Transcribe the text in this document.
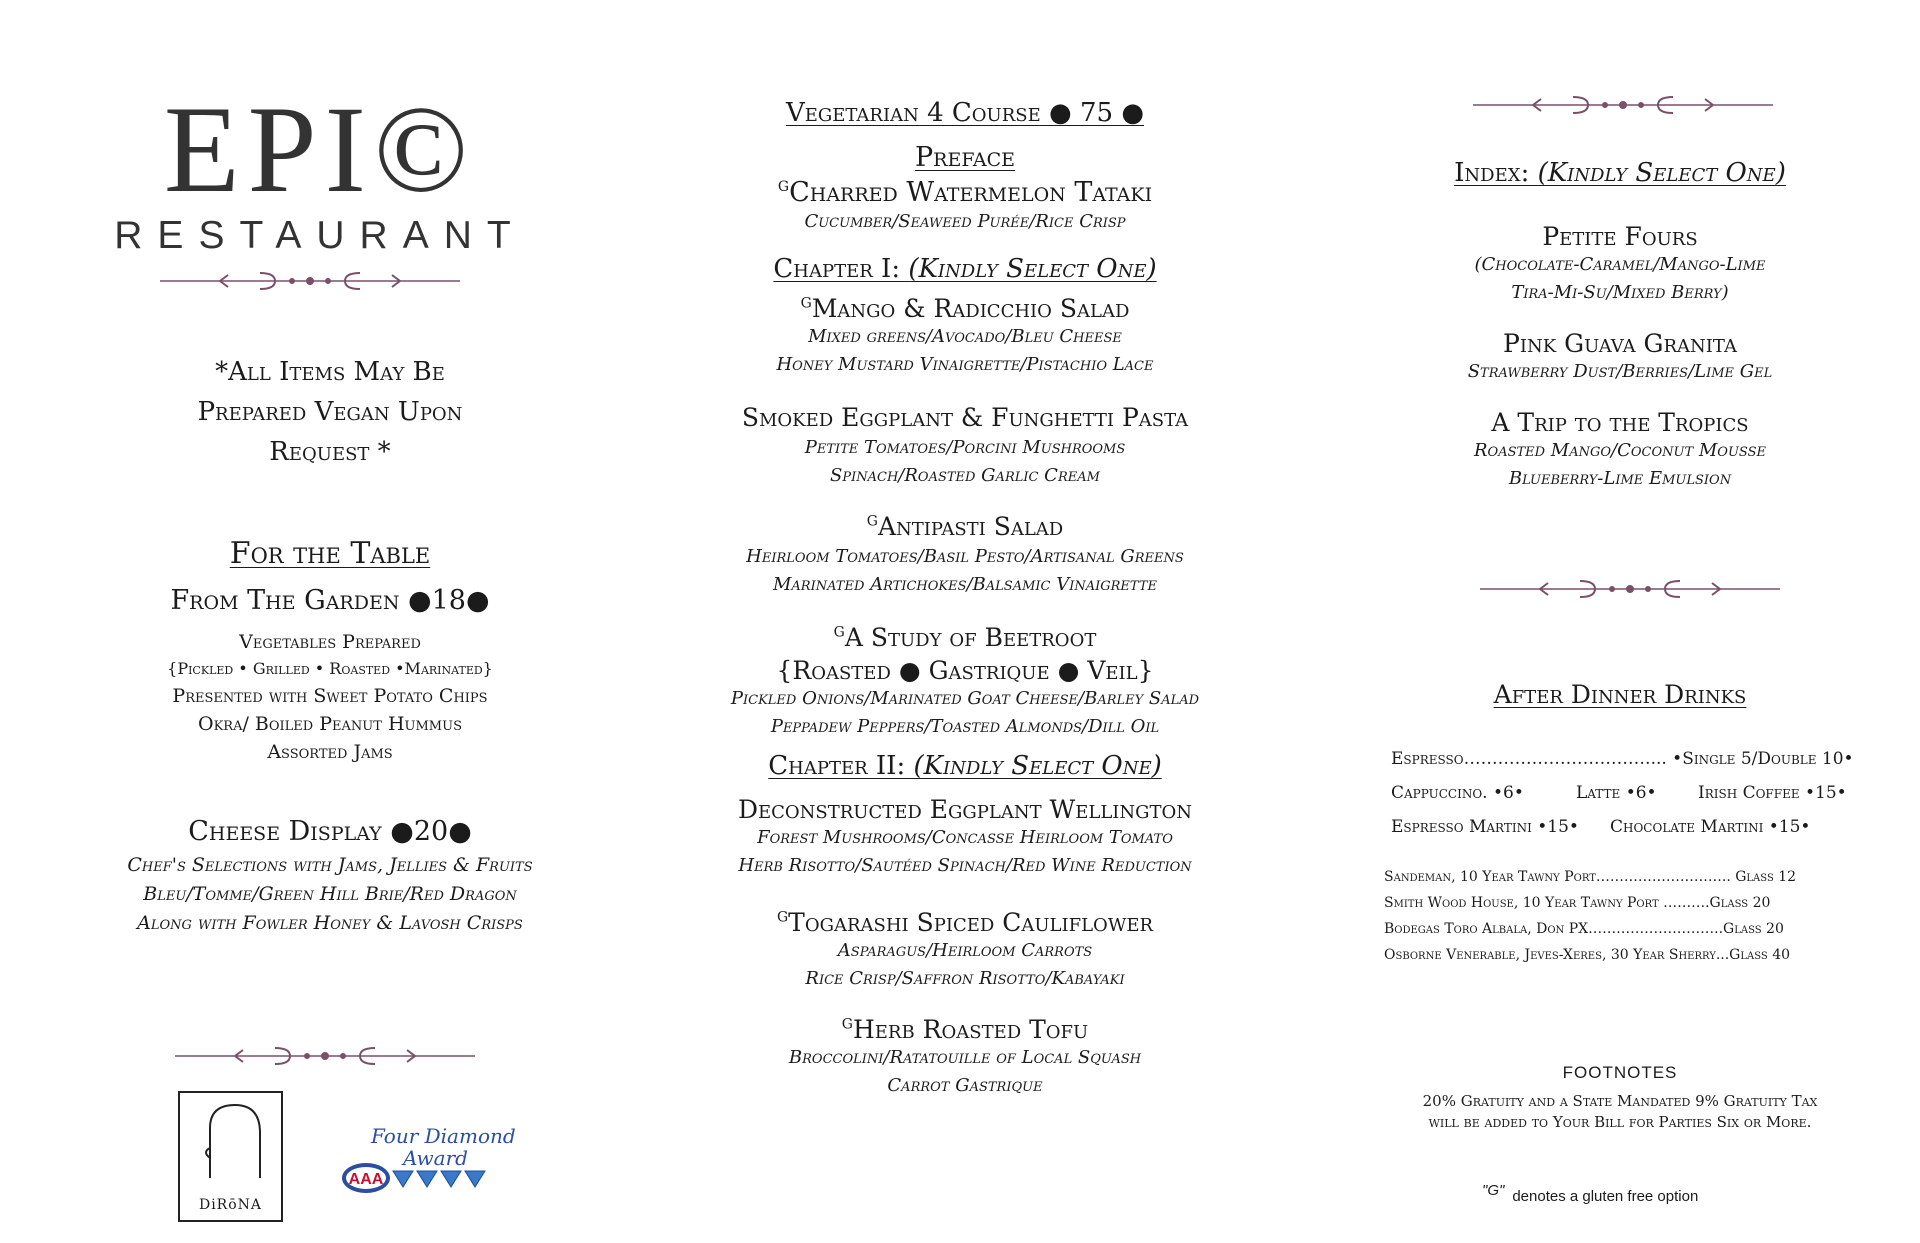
EPI©
RESTAURANT
*All Items May Be
Prepared Vegan Upon
Request *
For the Table
From The Garden ●18●
Vegetables Prepared
{Pickled • Grilled • Roasted •Marinated}
Presented with Sweet Potato Chips
Okra/ Boiled Peanut Hummus
Assorted Jams
Cheese Display ●20●
Chef's Selections with Jams, Jellies & Fruits
Bleu/Tomme/Green Hill Brie/Red Dragon
Along with Fowler Honey & Lavosh Crisps
DiRōNA
Four Diamond
Award
AAA
Vegetarian 4 Course ● 75 ●
Preface
$^G$Charred Watermelon Tataki
Cucumber/Seaweed Purée/Rice Crisp
Chapter I: (Kindly Select One)
$^G$Mango & Radicchio Salad
Mixed greens/Avocado/Bleu Cheese
Honey Mustard Vinaigrette/Pistachio Lace
Smoked Eggplant & Funghetti Pasta
Petite Tomatoes/Porcini Mushrooms
Spinach/Roasted Garlic Cream
$^G$Antipasti Salad
Heirloom Tomatoes/Basil Pesto/Artisanal Greens
Marinated Artichokes/Balsamic Vinaigrette
$^G$A Study of Beetroot
{Roasted ● Gastrique ● Veil}
Pickled Onions/Marinated Goat Cheese/Barley Salad
Peppadew Peppers/Toasted Almonds/Dill Oil
Chapter II: (Kindly Select One)
Deconstructed Eggplant Wellington
Forest Mushrooms/Concasse Heirloom Tomato
Herb Risotto/Sautéed Spinach/Red Wine Reduction
$^G$Togarashi Spiced Cauliflower
Asparagus/Heirloom Carrots
Rice Crisp/Saffron Risotto/Kabayaki
$^G$Herb Roasted Tofu
Broccolini/Ratatouille of Local Squash
Carrot Gastrique
Index: (Kindly Select One)
Petite Fours
(Chocolate-Caramel/Mango-Lime
Tira-Mi-Su/Mixed Berry)
Pink Guava Granita
Strawberry Dust/Berries/Lime Gel
A Trip to the Tropics
Roasted Mango/Coconut Mousse
Blueberry-Lime Emulsion
After Dinner Drinks
Espresso……………………………... •Single 5/Double 10•
Cappuccino. •6•	Latte •6•	Irish Coffee •15•
Espresso Martini •15•	Chocolate Martini •15•
Sandeman, 10 Year Tawny Port……………………….. Glass 12
Smith Wood House, 10 Year Tawny Port ……….Glass 20
Bodegas Toro Albala, Don PX………………………..Glass 20
Osborne Venerable, Jeves-Xeres, 30 Year Sherry...Glass 40
FOOTNOTES
20% Gratuity and a State Mandated 9% Gratuity Tax will be added to Your Bill for Parties Six or More.
"G" denotes a gluten free option
